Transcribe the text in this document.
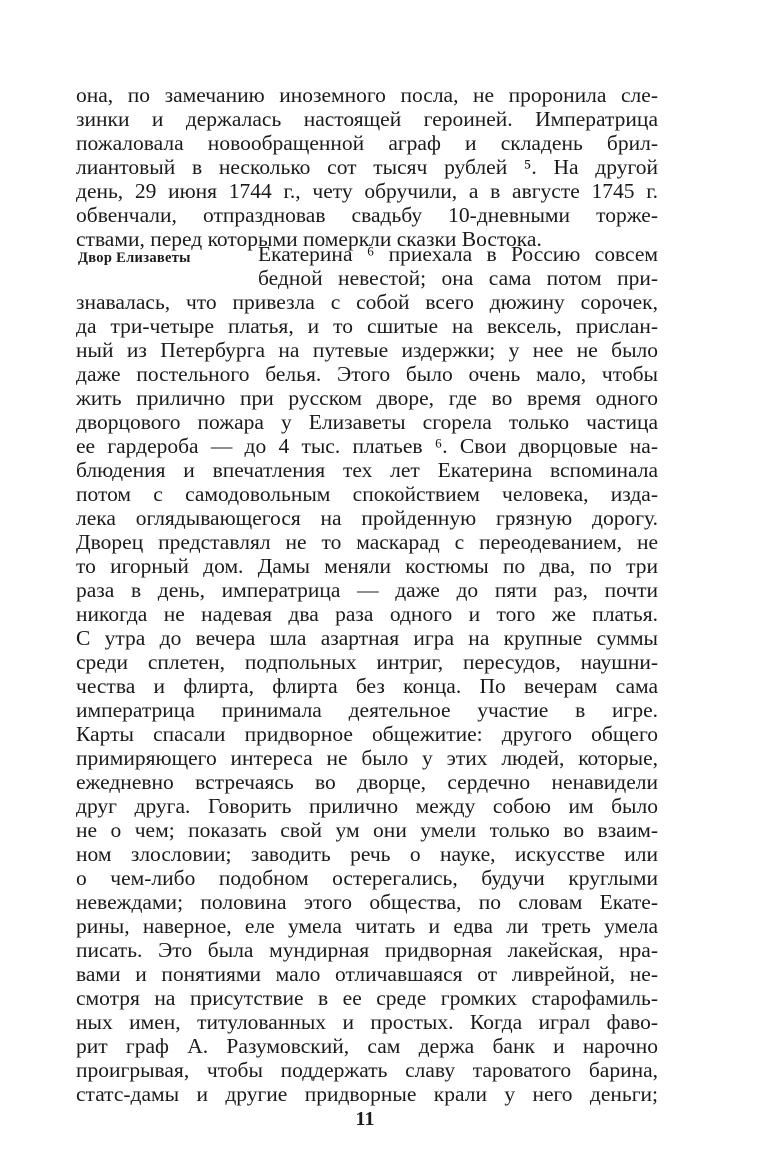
Двор Елизаветы
она, по замечанию иноземного посла, не проронила сле-
зинки и держалась настоящей героиней. Императрица
пожаловала новообращенной аграф и складень брил-
лиантовый в несколько сот тысяч рублей ⁵. На другой
день, 29 июня 1744 г., чету обручили, а в августе 1745 г.
обвенчали, отпраздновав свадьбу 10-дневными торже-
ствами, перед которыми померкли сказки Востока.
Екатерина ⁶ приехала в Россию совсем
бедной невестой; она сама потом при-
знавалась, что привезла с собой всего дюжину сорочек,
да три-четыре платья, и то сшитые на вексель, прислан-
ный из Петербурга на путевые издержки; у нее не было
даже постельного белья. Этого было очень мало, чтобы
жить прилично при русском дворе, где во время одного
дворцового пожара у Елизаветы сгорела только частица
ее гардероба — до 4 тыс. платьев ⁶. Свои дворцовые на-
блюдения и впечатления тех лет Екатерина вспоминала
потом с самодовольным спокойствием человека, изда-
лека оглядывающегося на пройденную грязную дорогу.
Дворец представлял не то маскарад с переодеванием, не
то игорный дом. Дамы меняли костюмы по два, по три
раза в день, императрица — даже до пяти раз, почти
никогда не надевая два раза одного и того же платья.
С утра до вечера шла азартная игра на крупные суммы
среди сплетен, подпольных интриг, пересудов, наушни-
чества и флирта, флирта без конца. По вечерам сама
императрица принимала деятельное участие в игре.
Карты спасали придворное общежитие: другого общего
примиряющего интереса не было у этих людей, которые,
ежедневно встречаясь во дворце, сердечно ненавидели
друг друга. Говорить прилично между собою им было
не о чем; показать свой ум они умели только во взаим-
ном злословии; заводить речь о науке, искусстве или
о чем-либо подобном остерегались, будучи круглыми
невеждами; половина этого общества, по словам Екате-
рины, наверное, еле умела читать и едва ли треть умела
писать. Это была мундирная придворная лакейская, нра-
вами и понятиями мало отличавшаяся от ливрейной, не-
смотря на присутствие в ее среде громких старофамиль-
ных имен, титулованных и простых. Когда играл фаво-
рит граф А. Разумовский, сам держа банк и нарочно
проигрывая, чтобы поддержать славу тароватого барина,
статс-дамы и другие придворные крали у него деньги;
11
